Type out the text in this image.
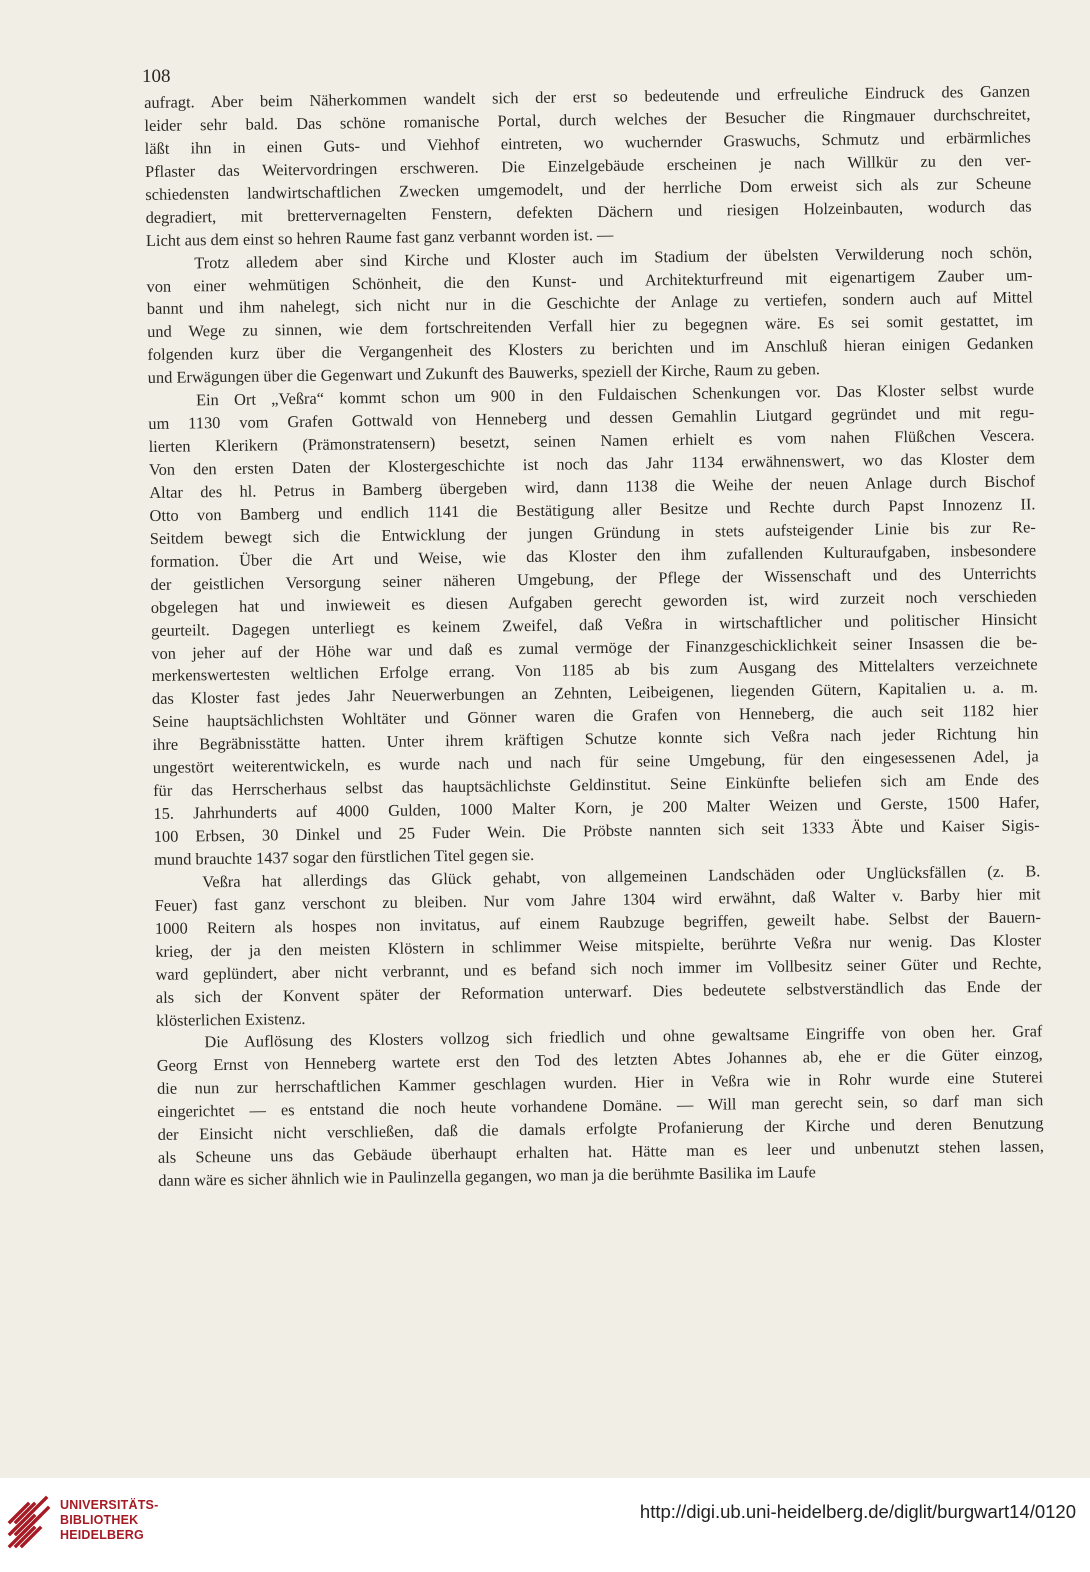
108
aufragt. Aber beim Näherkommen wandelt sich der erst so bedeutende und erfreuliche Eindruck des Ganzen
leider sehr bald. Das schöne romanische Portal, durch welches der Besucher die Ringmauer durchschreitet,
läßt ihn in einen Guts- und Viehhof eintreten, wo wuchernder Graswuchs, Schmutz und erbärmliches
Pflaster das Weitervordringen erschweren. Die Einzelgebäude erscheinen je nach Willkür zu den ver-
schiedensten landwirtschaftlichen Zwecken umgemodelt, und der herrliche Dom erweist sich als zur Scheune
degradiert, mit brettervernagelten Fenstern, defekten Dächern und riesigen Holzeinbauten, wodurch das
Licht aus dem einst so hehren Raume fast ganz verbannt worden ist. —
Trotz alledem aber sind Kirche und Kloster auch im Stadium der übelsten Verwilderung noch schön,
von einer wehmütigen Schönheit, die den Kunst- und Architekturfreund mit eigenartigem Zauber um-
bannt und ihm nahelegt, sich nicht nur in die Geschichte der Anlage zu vertiefen, sondern auch auf Mittel
und Wege zu sinnen, wie dem fortschreitenden Verfall hier zu begegnen wäre. Es sei somit gestattet, im
folgenden kurz über die Vergangenheit des Klosters zu berichten und im Anschluß hieran einigen Gedanken
und Erwägungen über die Gegenwart und Zukunft des Bauwerks, speziell der Kirche, Raum zu geben.
Ein Ort „Veßra“ kommt schon um 900 in den Fuldaischen Schenkungen vor. Das Kloster selbst wurde
um 1130 vom Grafen Gottwald von Henneberg und dessen Gemahlin Liutgard gegründet und mit regu-
lierten Klerikern (Prämonstratensern) besetzt, seinen Namen erhielt es vom nahen Flüßchen Vescera.
Von den ersten Daten der Klostergeschichte ist noch das Jahr 1134 erwähnenswert, wo das Kloster dem
Altar des hl. Petrus in Bamberg übergeben wird, dann 1138 die Weihe der neuen Anlage durch Bischof
Otto von Bamberg und endlich 1141 die Bestätigung aller Besitze und Rechte durch Papst Innozenz II.
Seitdem bewegt sich die Entwicklung der jungen Gründung in stets aufsteigender Linie bis zur Re-
formation. Über die Art und Weise, wie das Kloster den ihm zufallenden Kulturaufgaben, insbesondere
der geistlichen Versorgung seiner näheren Umgebung, der Pflege der Wissenschaft und des Unterrichts
obgelegen hat und inwieweit es diesen Aufgaben gerecht geworden ist, wird zurzeit noch verschieden
geurteilt. Dagegen unterliegt es keinem Zweifel, daß Veßra in wirtschaftlicher und politischer Hinsicht
von jeher auf der Höhe war und daß es zumal vermöge der Finanzgeschicklichkeit seiner Insassen die be-
merkenswertesten weltlichen Erfolge errang. Von 1185 ab bis zum Ausgang des Mittelalters verzeichnete
das Kloster fast jedes Jahr Neuerwerbungen an Zehnten, Leibeigenen, liegenden Gütern, Kapitalien u. a. m.
Seine hauptsächlichsten Wohltäter und Gönner waren die Grafen von Henneberg, die auch seit 1182 hier
ihre Begräbnisstätte hatten. Unter ihrem kräftigen Schutze konnte sich Veßra nach jeder Richtung hin
ungestört weiterentwickeln, es wurde nach und nach für seine Umgebung, für den eingesessenen Adel, ja
für das Herrscherhaus selbst das hauptsächlichste Geldinstitut. Seine Einkünfte beliefen sich am Ende des
15. Jahrhunderts auf 4000 Gulden, 1000 Malter Korn, je 200 Malter Weizen und Gerste, 1500 Hafer,
100 Erbsen, 30 Dinkel und 25 Fuder Wein. Die Pröbste nannten sich seit 1333 Äbte und Kaiser Sigis-
mund brauchte 1437 sogar den fürstlichen Titel gegen sie.
Veßra hat allerdings das Glück gehabt, von allgemeinen Landschäden oder Unglücksfällen (z. B.
Feuer) fast ganz verschont zu bleiben. Nur vom Jahre 1304 wird erwähnt, daß Walter v. Barby hier mit
1000 Reitern als hospes non invitatus, auf einem Raubzuge begriffen, geweilt habe. Selbst der Bauern-
krieg, der ja den meisten Klöstern in schlimmer Weise mitspielte, berührte Veßra nur wenig. Das Kloster
ward geplündert, aber nicht verbrannt, und es befand sich noch immer im Vollbesitz seiner Güter und Rechte,
als sich der Konvent später der Reformation unterwarf. Dies bedeutete selbstverständlich das Ende der
klösterlichen Existenz.
Die Auflösung des Klosters vollzog sich friedlich und ohne gewaltsame Eingriffe von oben her. Graf
Georg Ernst von Henneberg wartete erst den Tod des letzten Abtes Johannes ab, ehe er die Güter einzog,
die nun zur herrschaftlichen Kammer geschlagen wurden. Hier in Veßra wie in Rohr wurde eine Stuterei
eingerichtet — es entstand die noch heute vorhandene Domäne. — Will man gerecht sein, so darf man sich
der Einsicht nicht verschließen, daß die damals erfolgte Profanierung der Kirche und deren Benutzung
als Scheune uns das Gebäude überhaupt erhalten hat. Hätte man es leer und unbenutzt stehen lassen,
dann wäre es sicher ähnlich wie in Paulinzella gegangen, wo man ja die berühmte Basilika im Laufe
UNIVERSITÄTS-
BIBLIOTHEK
HEIDELBERG
http://digi.ub.uni-heidelberg.de/diglit/burgwart14/0120
